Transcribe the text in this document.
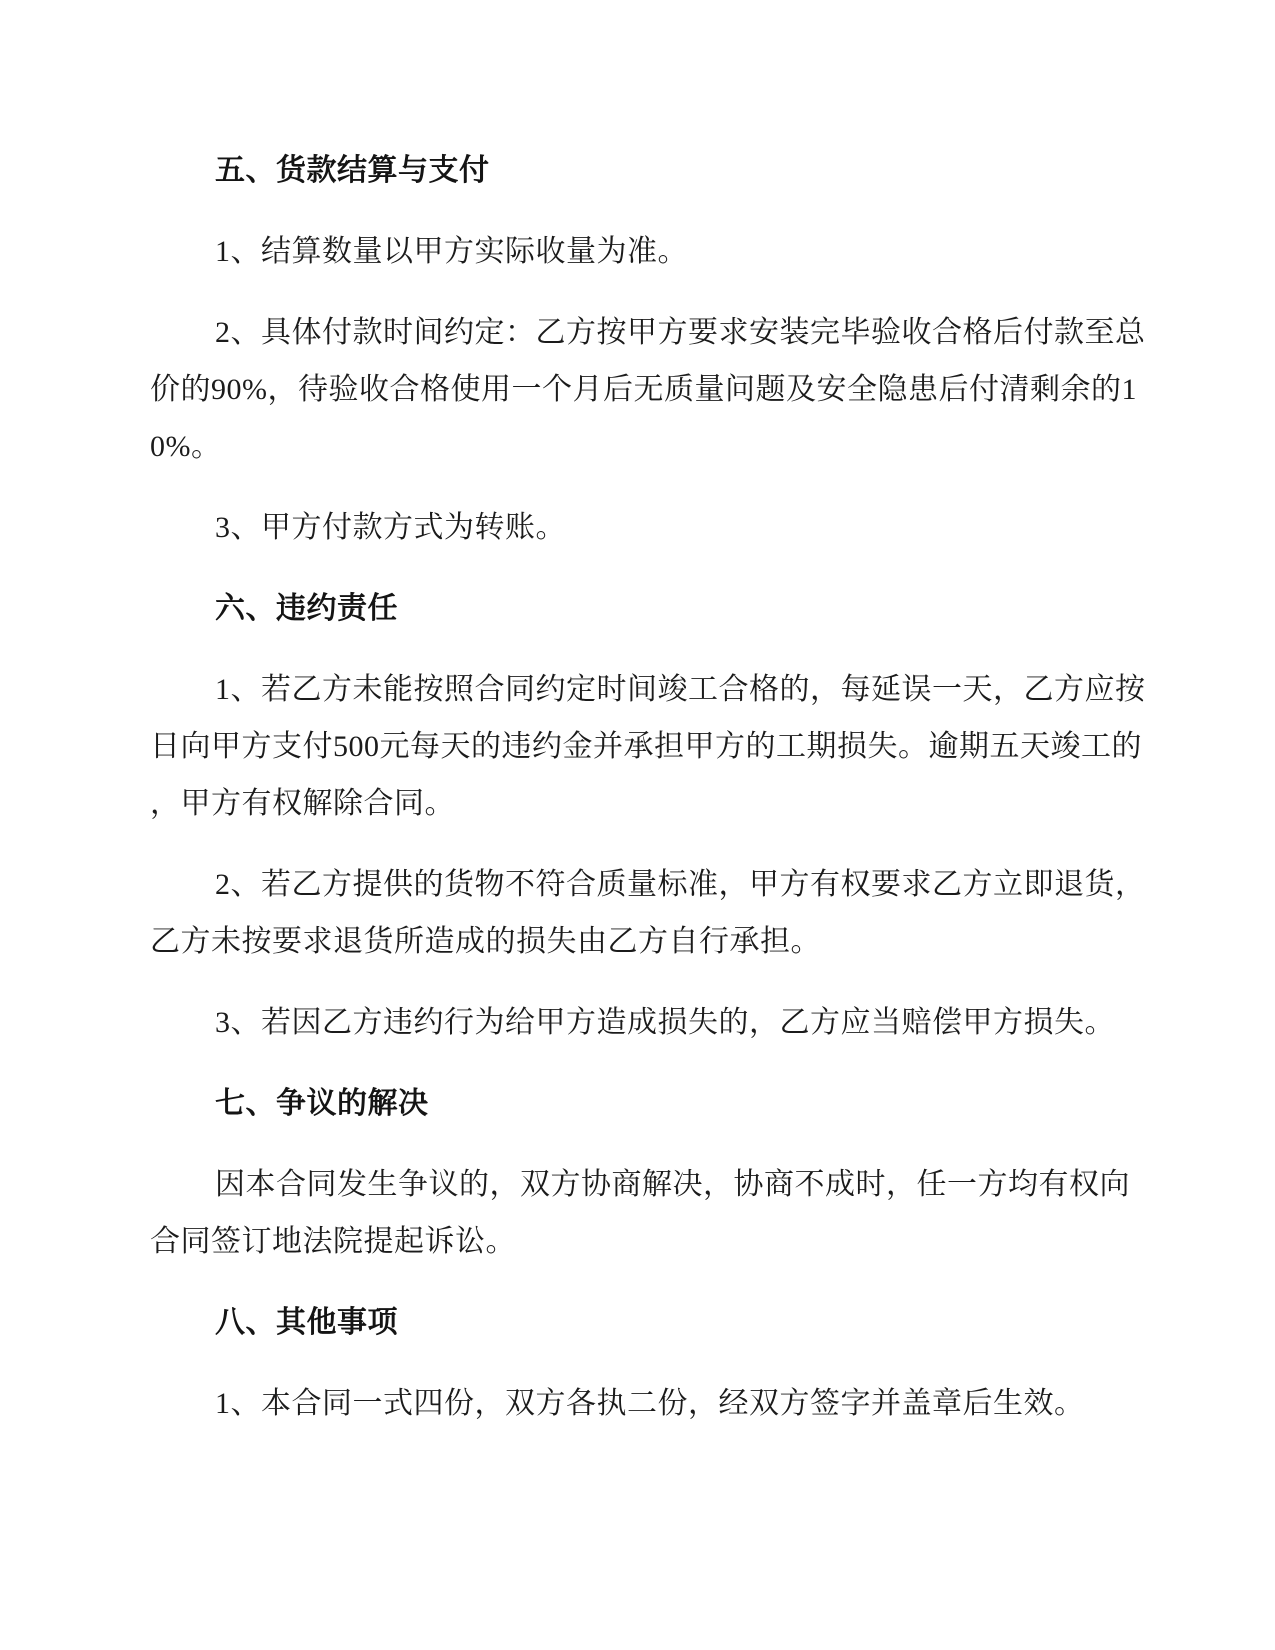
五、货款结算与支付
1、结算数量以甲方实际收量为准。
2、具体付款时间约定：乙方按甲方要求安装完毕验收合格后付款至总
价的90%，待验收合格使用一个月后无质量问题及安全隐患后付清剩余的1
0%。
3、甲方付款方式为转账。
六、违约责任
1、若乙方未能按照合同约定时间竣工合格的，每延误一天，乙方应按
日向甲方支付500元每天的违约金并承担甲方的工期损失。逾期五天竣工的
，甲方有权解除合同。
2、若乙方提供的货物不符合质量标准，甲方有权要求乙方立即退货，
乙方未按要求退货所造成的损失由乙方自行承担。
3、若因乙方违约行为给甲方造成损失的，乙方应当赔偿甲方损失。
七、争议的解决
因本合同发生争议的，双方协商解决，协商不成时，任一方均有权向
合同签订地法院提起诉讼。
八、其他事项
1、本合同一式四份，双方各执二份，经双方签字并盖章后生效。
